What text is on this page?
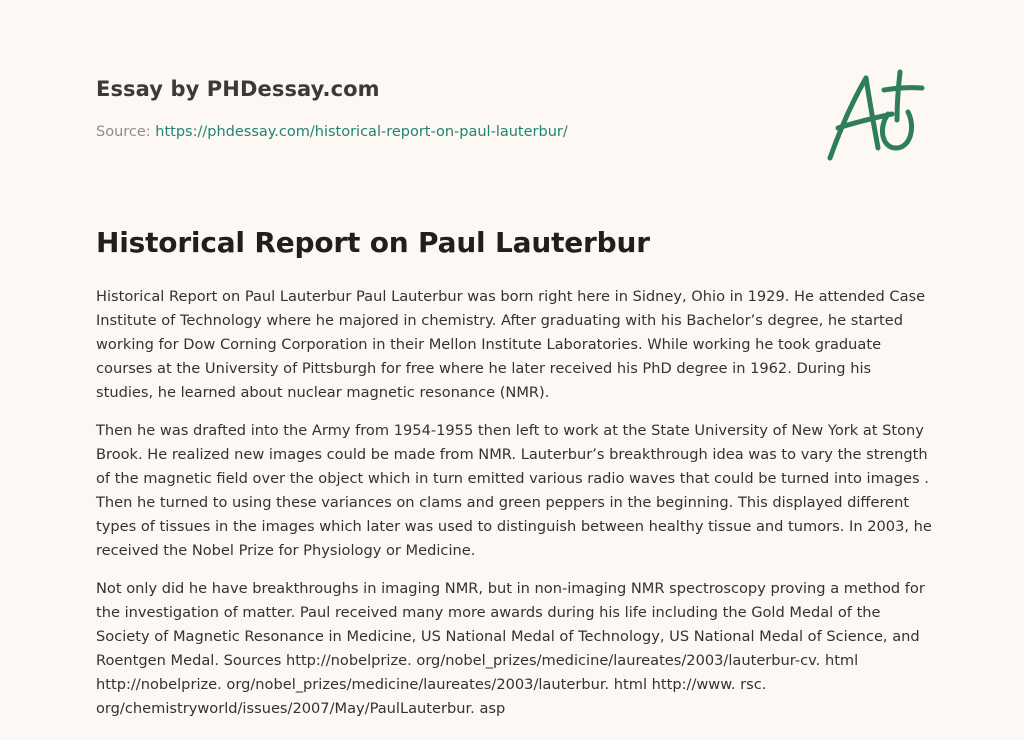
Essay by PHDessay.com
Source: https://phdessay.com/historical-report-on-paul-lauterbur/
Historical Report on Paul Lauterbur

Historical Report on Paul Lauterbur Paul Lauterbur was born right here in Sidney, Ohio in 1929. He attended Case Institute of Technology where he majored in chemistry. After graduating with his Bachelor’s degree, he started working for Dow Corning Corporation in their Mellon Institute Laboratories. While working he took graduate courses at the University of Pittsburgh for free where he later received his PhD degree in 1962. During his studies, he learned about nuclear magnetic resonance (NMR).

Then he was drafted into the Army from 1954-1955 then left to work at the State University of New York at Stony Brook. He realized new images could be made from NMR. Lauterbur’s breakthrough idea was to vary the strength of the magnetic field over the object which in turn emitted various radio waves that could be turned into images . Then he turned to using these variances on clams and green peppers in the beginning. This displayed different types of tissues in the images which later was used to distinguish between healthy tissue and tumors. In 2003, he received the Nobel Prize for Physiology or Medicine.

Not only did he have breakthroughs in imaging NMR, but in non-imaging NMR spectroscopy proving a method for the investigation of matter. Paul received many more awards during his life including the Gold Medal of the Society of Magnetic Resonance in Medicine, US National Medal of Technology, US National Medal of Science, and Roentgen Medal. Sources http://nobelprize. org/nobel_prizes/medicine/laureates/2003/lauterbur-cv. html http://nobelprize. org/nobel_prizes/medicine/laureates/2003/lauterbur. html http://www. rsc. org/chemistryworld/issues/2007/May/PaulLauterbur. asp
